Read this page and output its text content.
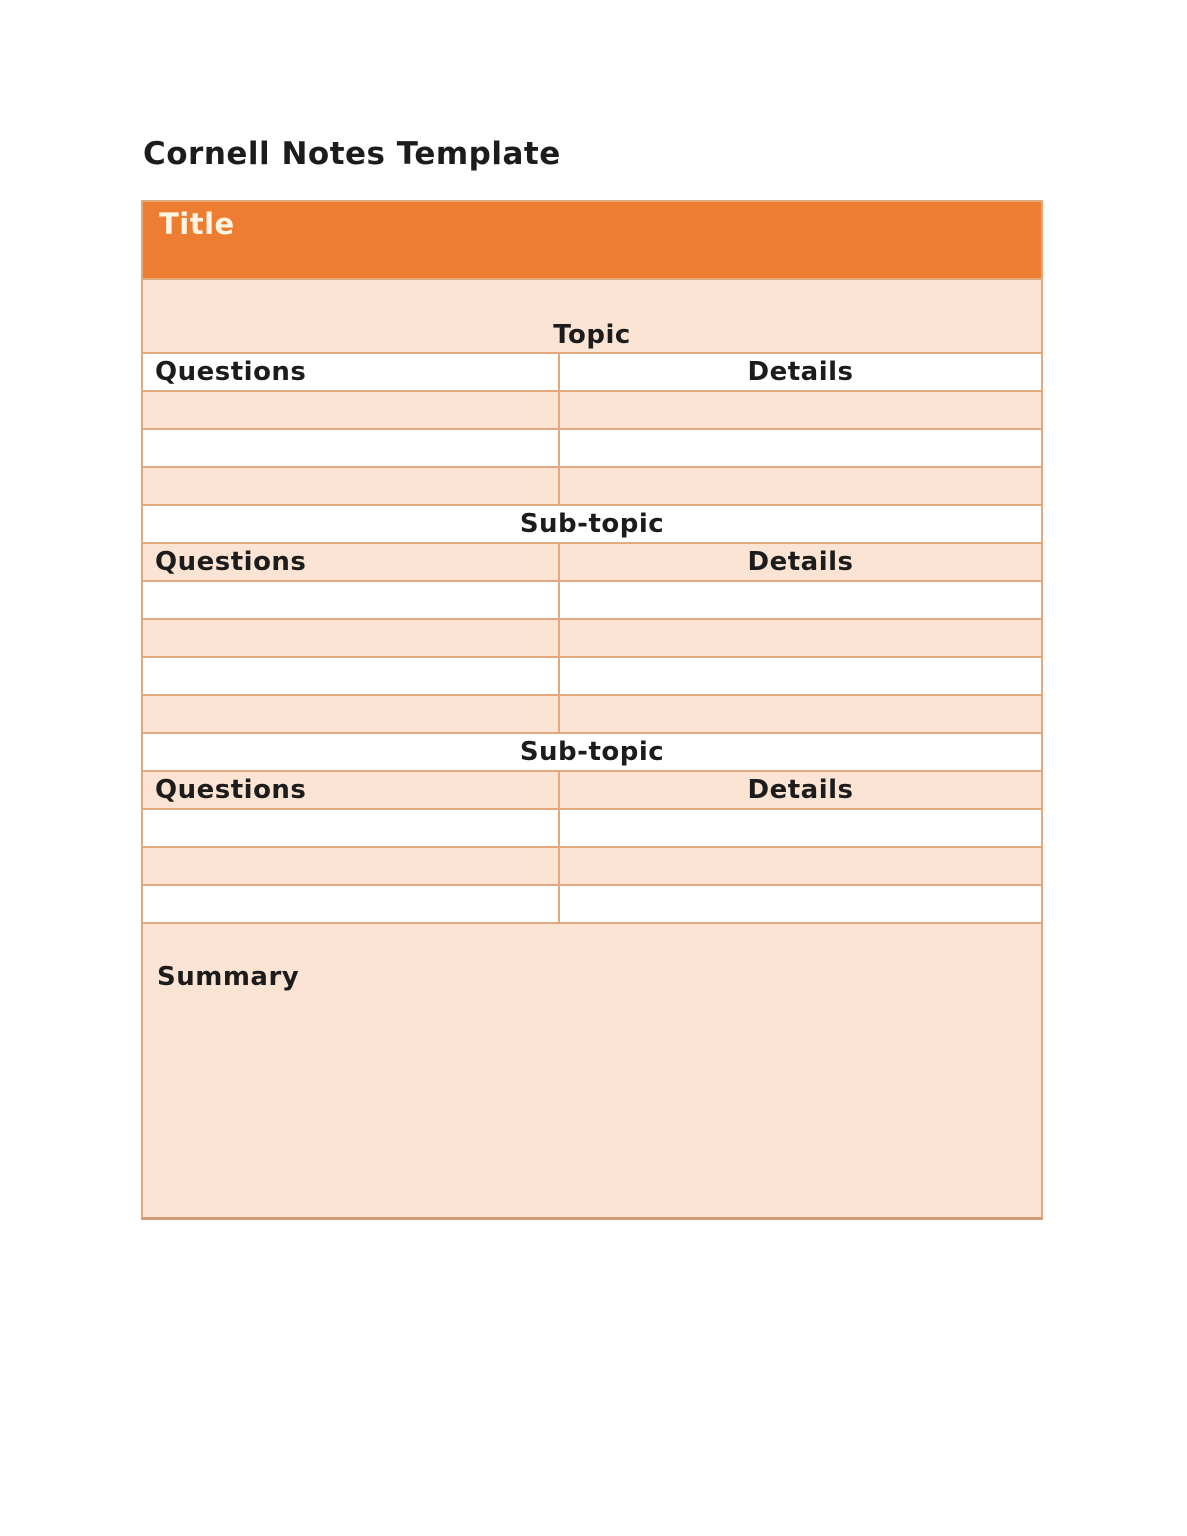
Cornell Notes Template
Title
Topic
Questions	Details
Sub-topic
Questions	Details
Sub-topic
Questions	Details
Summary
